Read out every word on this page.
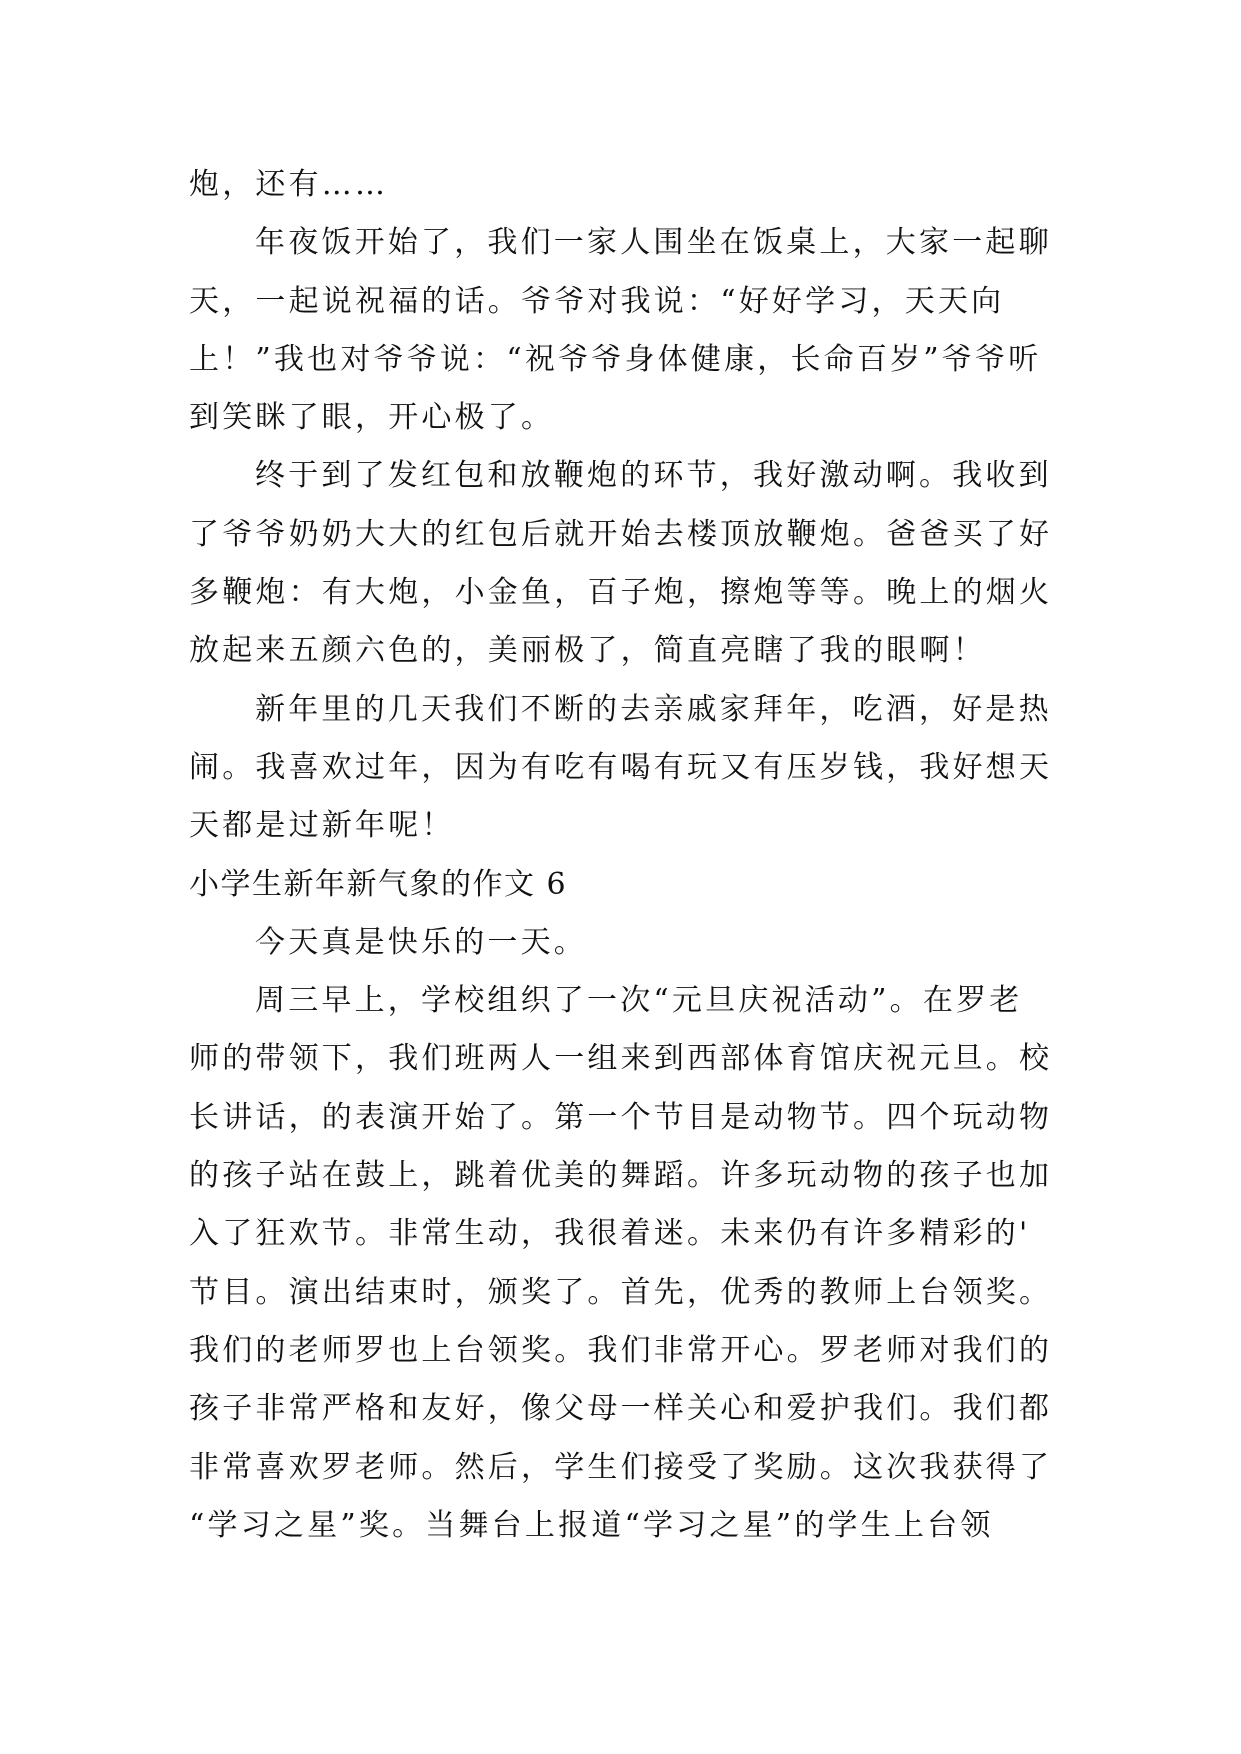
炮，还有……
年夜饭开始了，我们一家人围坐在饭桌上，大家一起聊
天，一起说祝福的话。爷爷对我说：“好好学习，天天向
上！”我也对爷爷说：“祝爷爷身体健康，长命百岁”爷爷听
到笑眯了眼，开心极了。
终于到了发红包和放鞭炮的环节，我好激动啊。我收到
了爷爷奶奶大大的红包后就开始去楼顶放鞭炮。爸爸买了好
多鞭炮：有大炮，小金鱼，百子炮，擦炮等等。晚上的烟火
放起来五颜六色的，美丽极了，简直亮瞎了我的眼啊！
新年里的几天我们不断的去亲戚家拜年，吃酒，好是热
闹。我喜欢过年，因为有吃有喝有玩又有压岁钱，我好想天
天都是过新年呢！
小学生新年新气象的作文 6
今天真是快乐的一天。
周三早上，学校组织了一次“元旦庆祝活动”。在罗老
师的带领下，我们班两人一组来到西部体育馆庆祝元旦。校
长讲话，的表演开始了。第一个节目是动物节。四个玩动物
的孩子站在鼓上，跳着优美的舞蹈。许多玩动物的孩子也加
入了狂欢节。非常生动，我很着迷。未来仍有许多精彩的'
节目。演出结束时，颁奖了。首先，优秀的教师上台领奖。
我们的老师罗也上台领奖。我们非常开心。罗老师对我们的
孩子非常严格和友好，像父母一样关心和爱护我们。我们都
非常喜欢罗老师。然后，学生们接受了奖励。这次我获得了
“学习之星”奖。当舞台上报道“学习之星”的学生上台领
